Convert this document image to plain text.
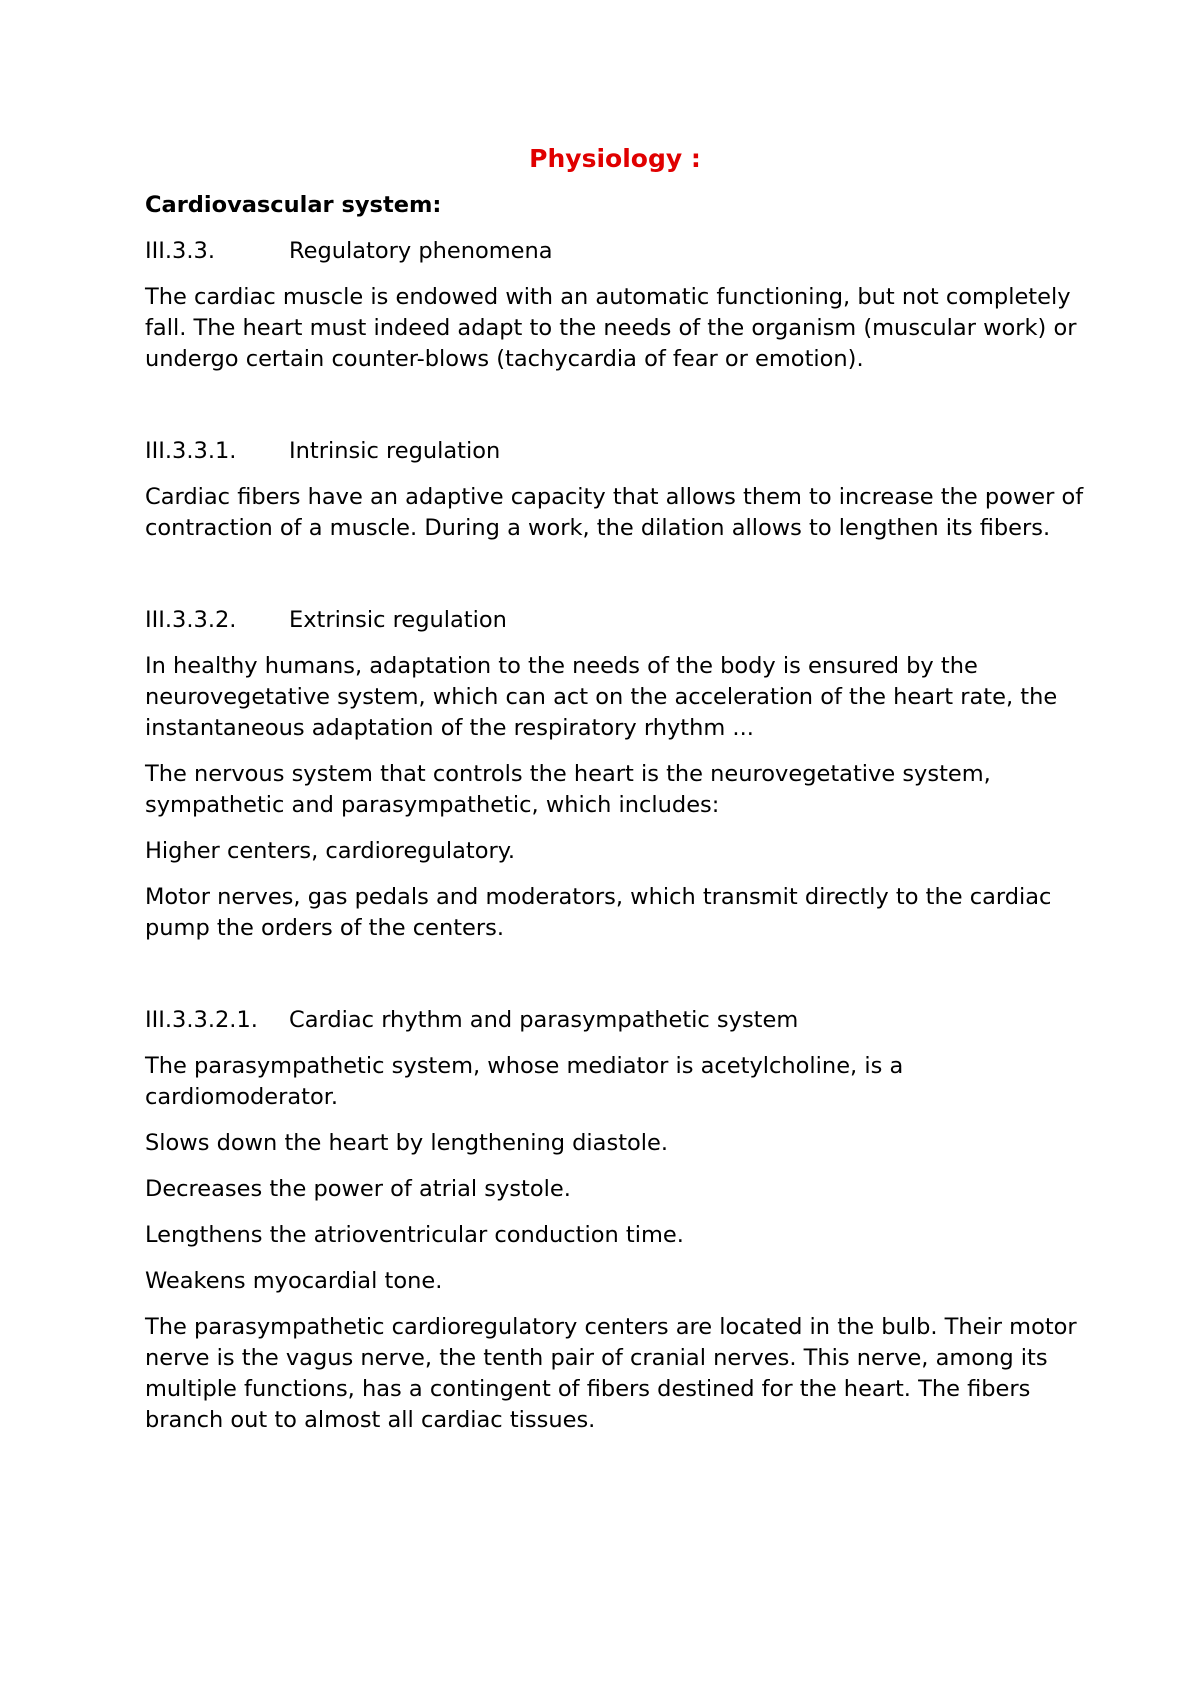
Physiology :
Cardiovascular system:
III.3.3.	Regulatory phenomena

The cardiac muscle is endowed with an automatic functioning, but not completely fall. The heart must indeed adapt to the needs of the organism (muscular work) or undergo certain counter-blows (tachycardia of fear or emotion).

III.3.3.1.	Intrinsic regulation

Cardiac fibers have an adaptive capacity that allows them to increase the power of contraction of a muscle. During a work, the dilation allows to lengthen its fibers.

III.3.3.2.	Extrinsic regulation

In healthy humans, adaptation to the needs of the body is ensured by the neurovegetative system, which can act on the acceleration of the heart rate, the instantaneous adaptation of the respiratory rhythm ...

The nervous system that controls the heart is the neurovegetative system, sympathetic and parasympathetic, which includes:

Higher centers, cardioregulatory.

Motor nerves, gas pedals and moderators, which transmit directly to the cardiac pump the orders of the centers.

III.3.3.2.1.	Cardiac rhythm and parasympathetic system

The parasympathetic system, whose mediator is acetylcholine, is a cardiomoderator.

Slows down the heart by lengthening diastole.

Decreases the power of atrial systole.

Lengthens the atrioventricular conduction time.

Weakens myocardial tone.

The parasympathetic cardioregulatory centers are located in the bulb. Their motor nerve is the vagus nerve, the tenth pair of cranial nerves. This nerve, among its multiple functions, has a contingent of fibers destined for the heart. The fibers branch out to almost all cardiac tissues.
